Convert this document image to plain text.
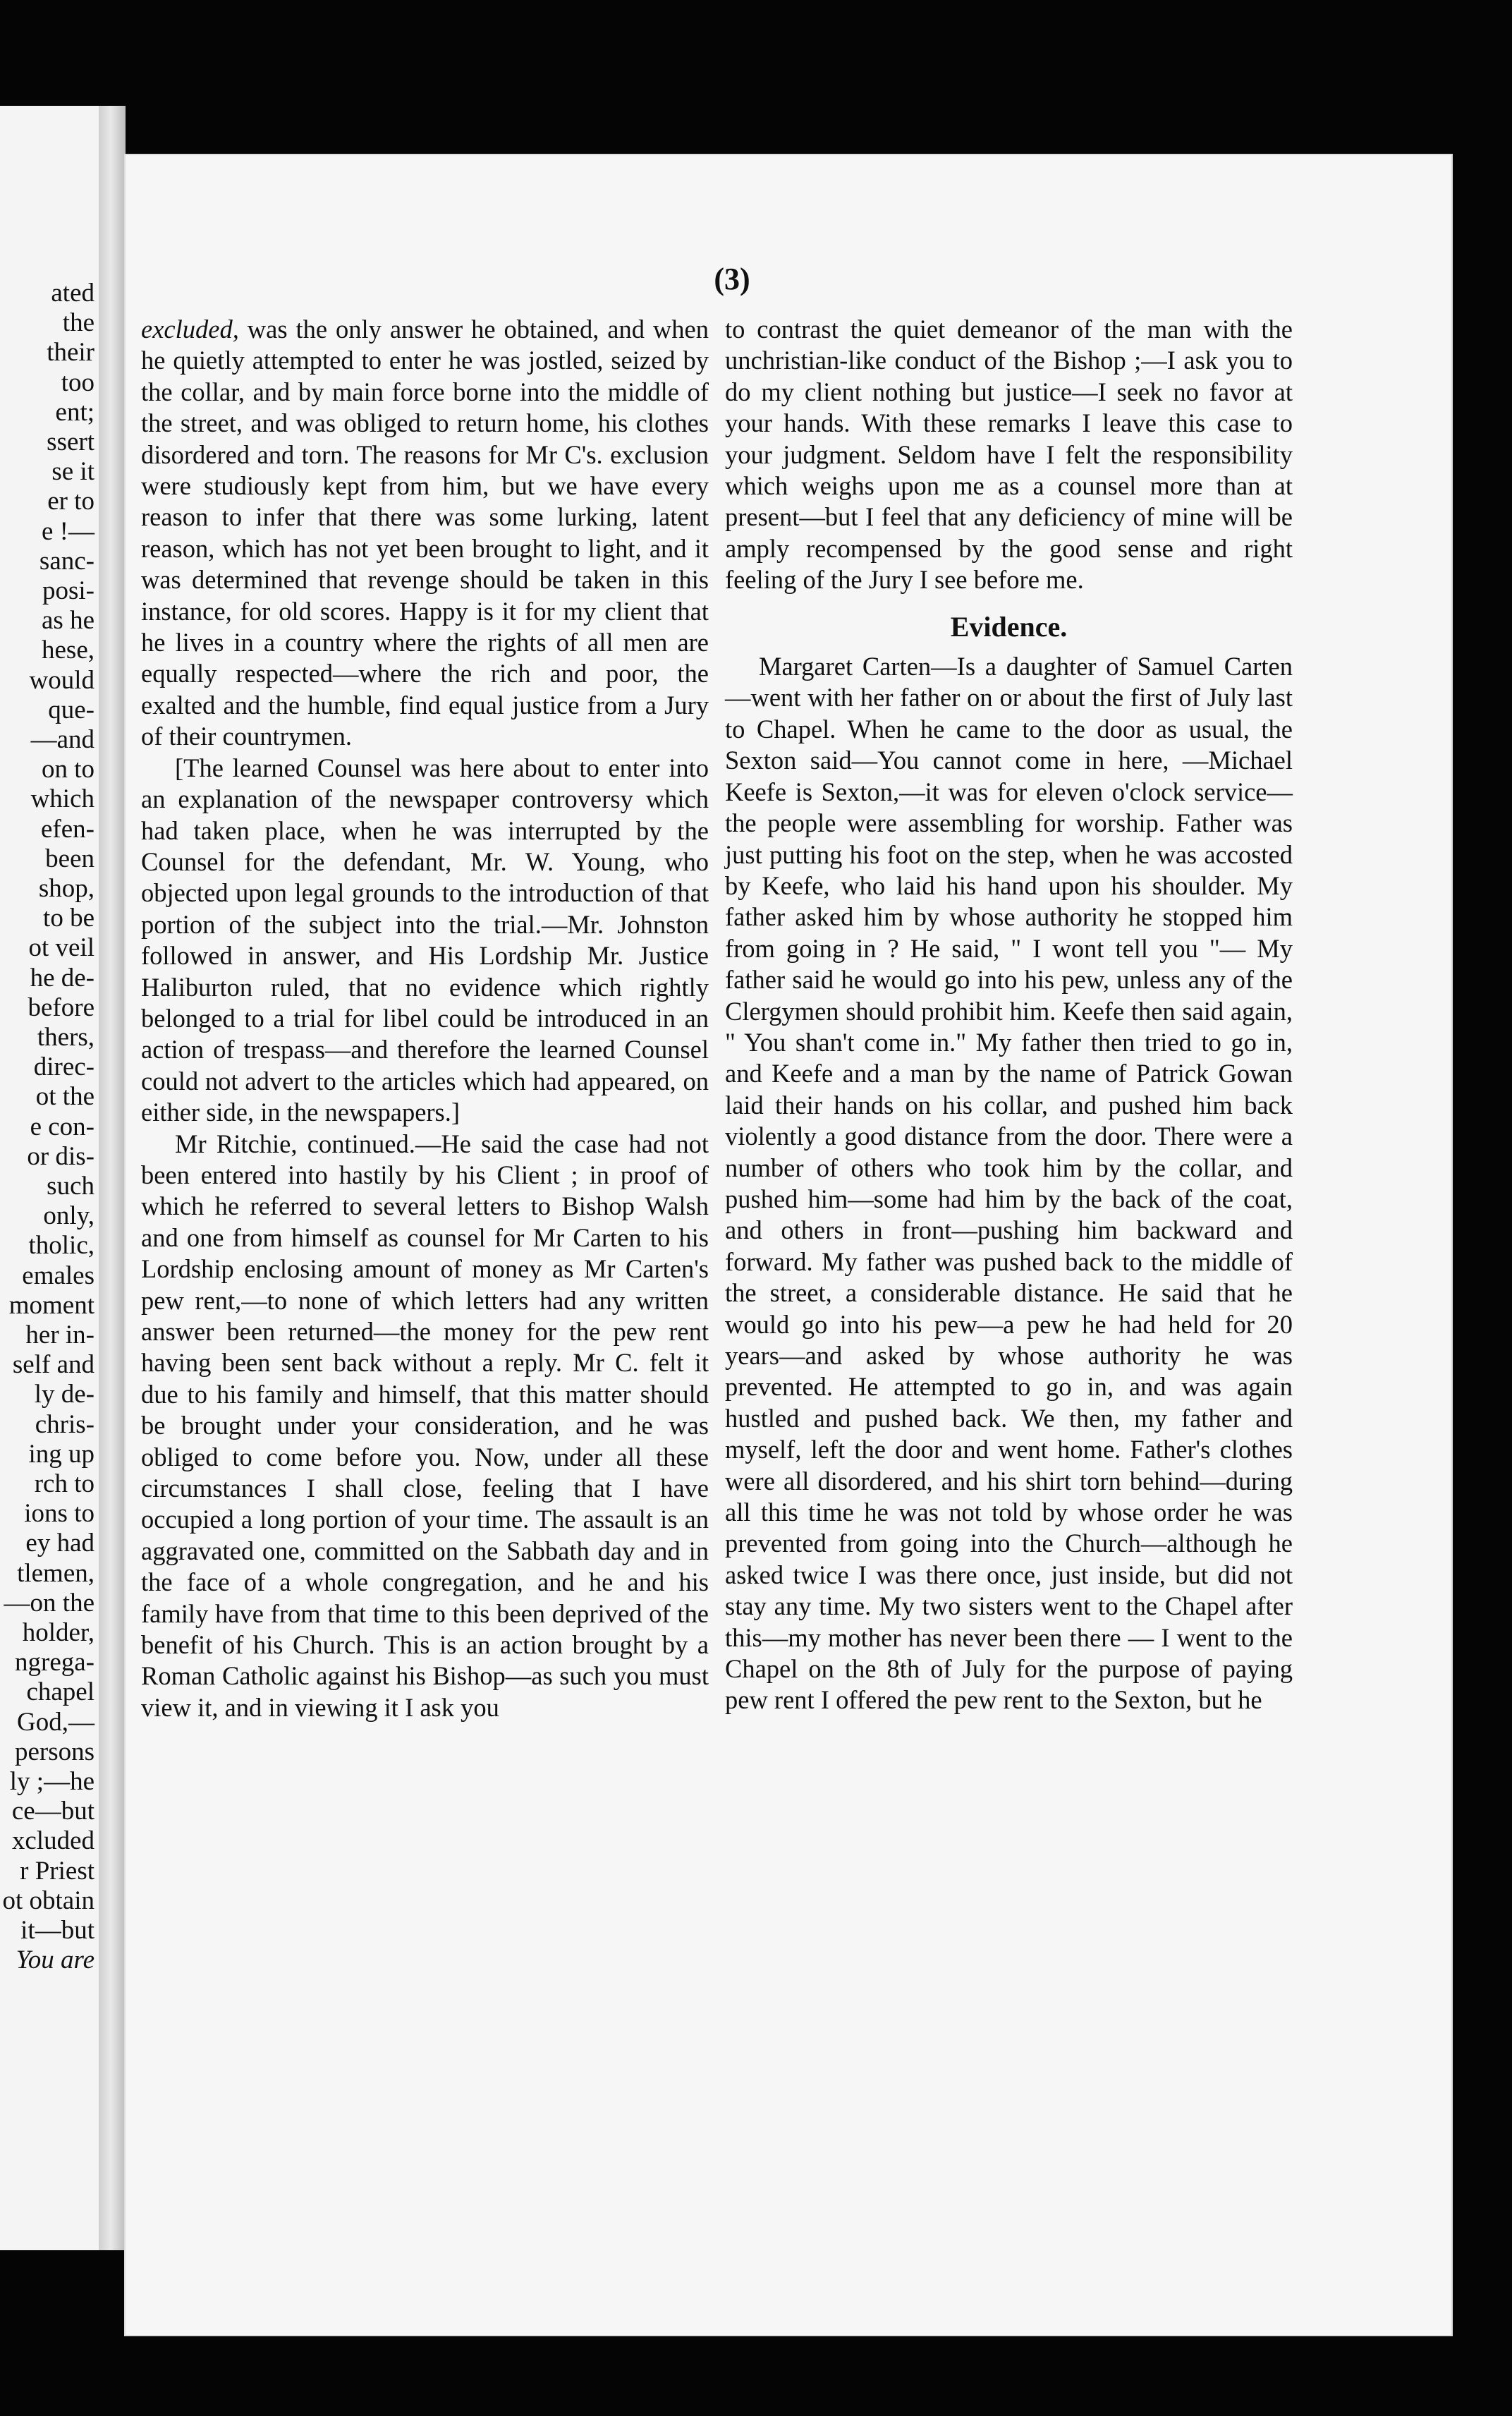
ated
the
their
too
ent;
ssert
se it
er to
e !—
sanc-
posi-
as he
hese,
would
que-
—and
on to
which
efen-
been
shop,
to be
ot veil
he de-
before
thers,
direc-
ot the
e con-
or dis-
such
only,
tholic,
emales
moment
her in-
self and
ly de-
chris-
ing up
rch to
ions to
ey had
tlemen,
—on the
holder,
ngrega-
chapel
God,—
persons
ly ;—he
ce—but
xcluded
r Priest
ot obtain
it—but
You are
(3)

excluded, was the only answer he obtained, and when he quietly attempted to enter he was jostled, seized by the collar, and by main force borne into the middle of the street, and was obliged to return home, his clothes disordered and torn. The reasons for Mr C's. exclusion were studiously kept from him, but we have every reason to infer that there was some lurking, latent reason, which has not yet been brought to light, and it was determined that revenge should be taken in this instance, for old scores. Happy is it for my client that he lives in a country where the rights of all men are equally respected—where the rich and poor, the exalted and the humble, find equal justice from a Jury of their countrymen.

[The learned Counsel was here about to enter into an explanation of the newspaper controversy which had taken place, when he was interrupted by the Counsel for the defendant, Mr. W. Young, who objected upon legal grounds to the introduction of that portion of the subject into the trial.—Mr. Johnston followed in answer, and His Lordship Mr. Justice Haliburton ruled, that no evidence which rightly belonged to a trial for libel could be introduced in an action of trespass—and therefore the learned Counsel could not advert to the articles which had appeared, on either side, in the newspapers.]

Mr Ritchie, continued.—He said the case had not been entered into hastily by his Client ; in proof of which he referred to several letters to Bishop Walsh and one from himself as counsel for Mr Carten to his Lordship enclosing amount of money as Mr Carten's pew rent,—to none of which letters had any written answer been returned—the money for the pew rent having been sent back without a reply. Mr C. felt it due to his family and himself, that this matter should be brought under your consideration, and he was obliged to come before you. Now, under all these circumstances I shall close, feeling that I have occupied a long portion of your time. The assault is an aggravated one, committed on the Sabbath day and in the face of a whole congregation, and he and his family have from that time to this been deprived of the benefit of his Church. This is an action brought by a Roman Catholic against his Bishop—as such you must view it, and in viewing it I ask you

to contrast the quiet demeanor of the man with the unchristian-like conduct of the Bishop ;—I ask you to do my client nothing but justice—I seek no favor at your hands. With these remarks I leave this case to your judgment. Seldom have I felt the responsibility which weighs upon me as a counsel more than at present—but I feel that any deficiency of mine will be amply recompensed by the good sense and right feeling of the Jury I see before me.

Evidence.

Margaret Carten—Is a daughter of Samuel Carten—went with her father on or about the first of July last to Chapel. When he came to the door as usual, the Sexton said—You cannot come in here, —Michael Keefe is Sexton,—it was for eleven o'clock service—the people were assembling for worship. Father was just putting his foot on the step, when he was accosted by Keefe, who laid his hand upon his shoulder. My father asked him by whose authority he stopped him from going in ? He said, " I wont tell you "— My father said he would go into his pew, unless any of the Clergymen should prohibit him. Keefe then said again, " You shan't come in." My father then tried to go in, and Keefe and a man by the name of Patrick Gowan laid their hands on his collar, and pushed him back violently a good distance from the door. There were a number of others who took him by the collar, and pushed him—some had him by the back of the coat, and others in front—pushing him backward and forward. My father was pushed back to the middle of the street, a considerable distance. He said that he would go into his pew—a pew he had held for 20 years—and asked by whose authority he was prevented. He attempted to go in, and was again hustled and pushed back. We then, my father and myself, left the door and went home. Father's clothes were all disordered, and his shirt torn behind—during all this time he was not told by whose order he was prevented from going into the Church—although he asked twice I was there once, just inside, but did not stay any time. My two sisters went to the Chapel after this—my mother has never been there — I went to the Chapel on the 8th of July for the purpose of paying pew rent I offered the pew rent to the Sexton, but he
